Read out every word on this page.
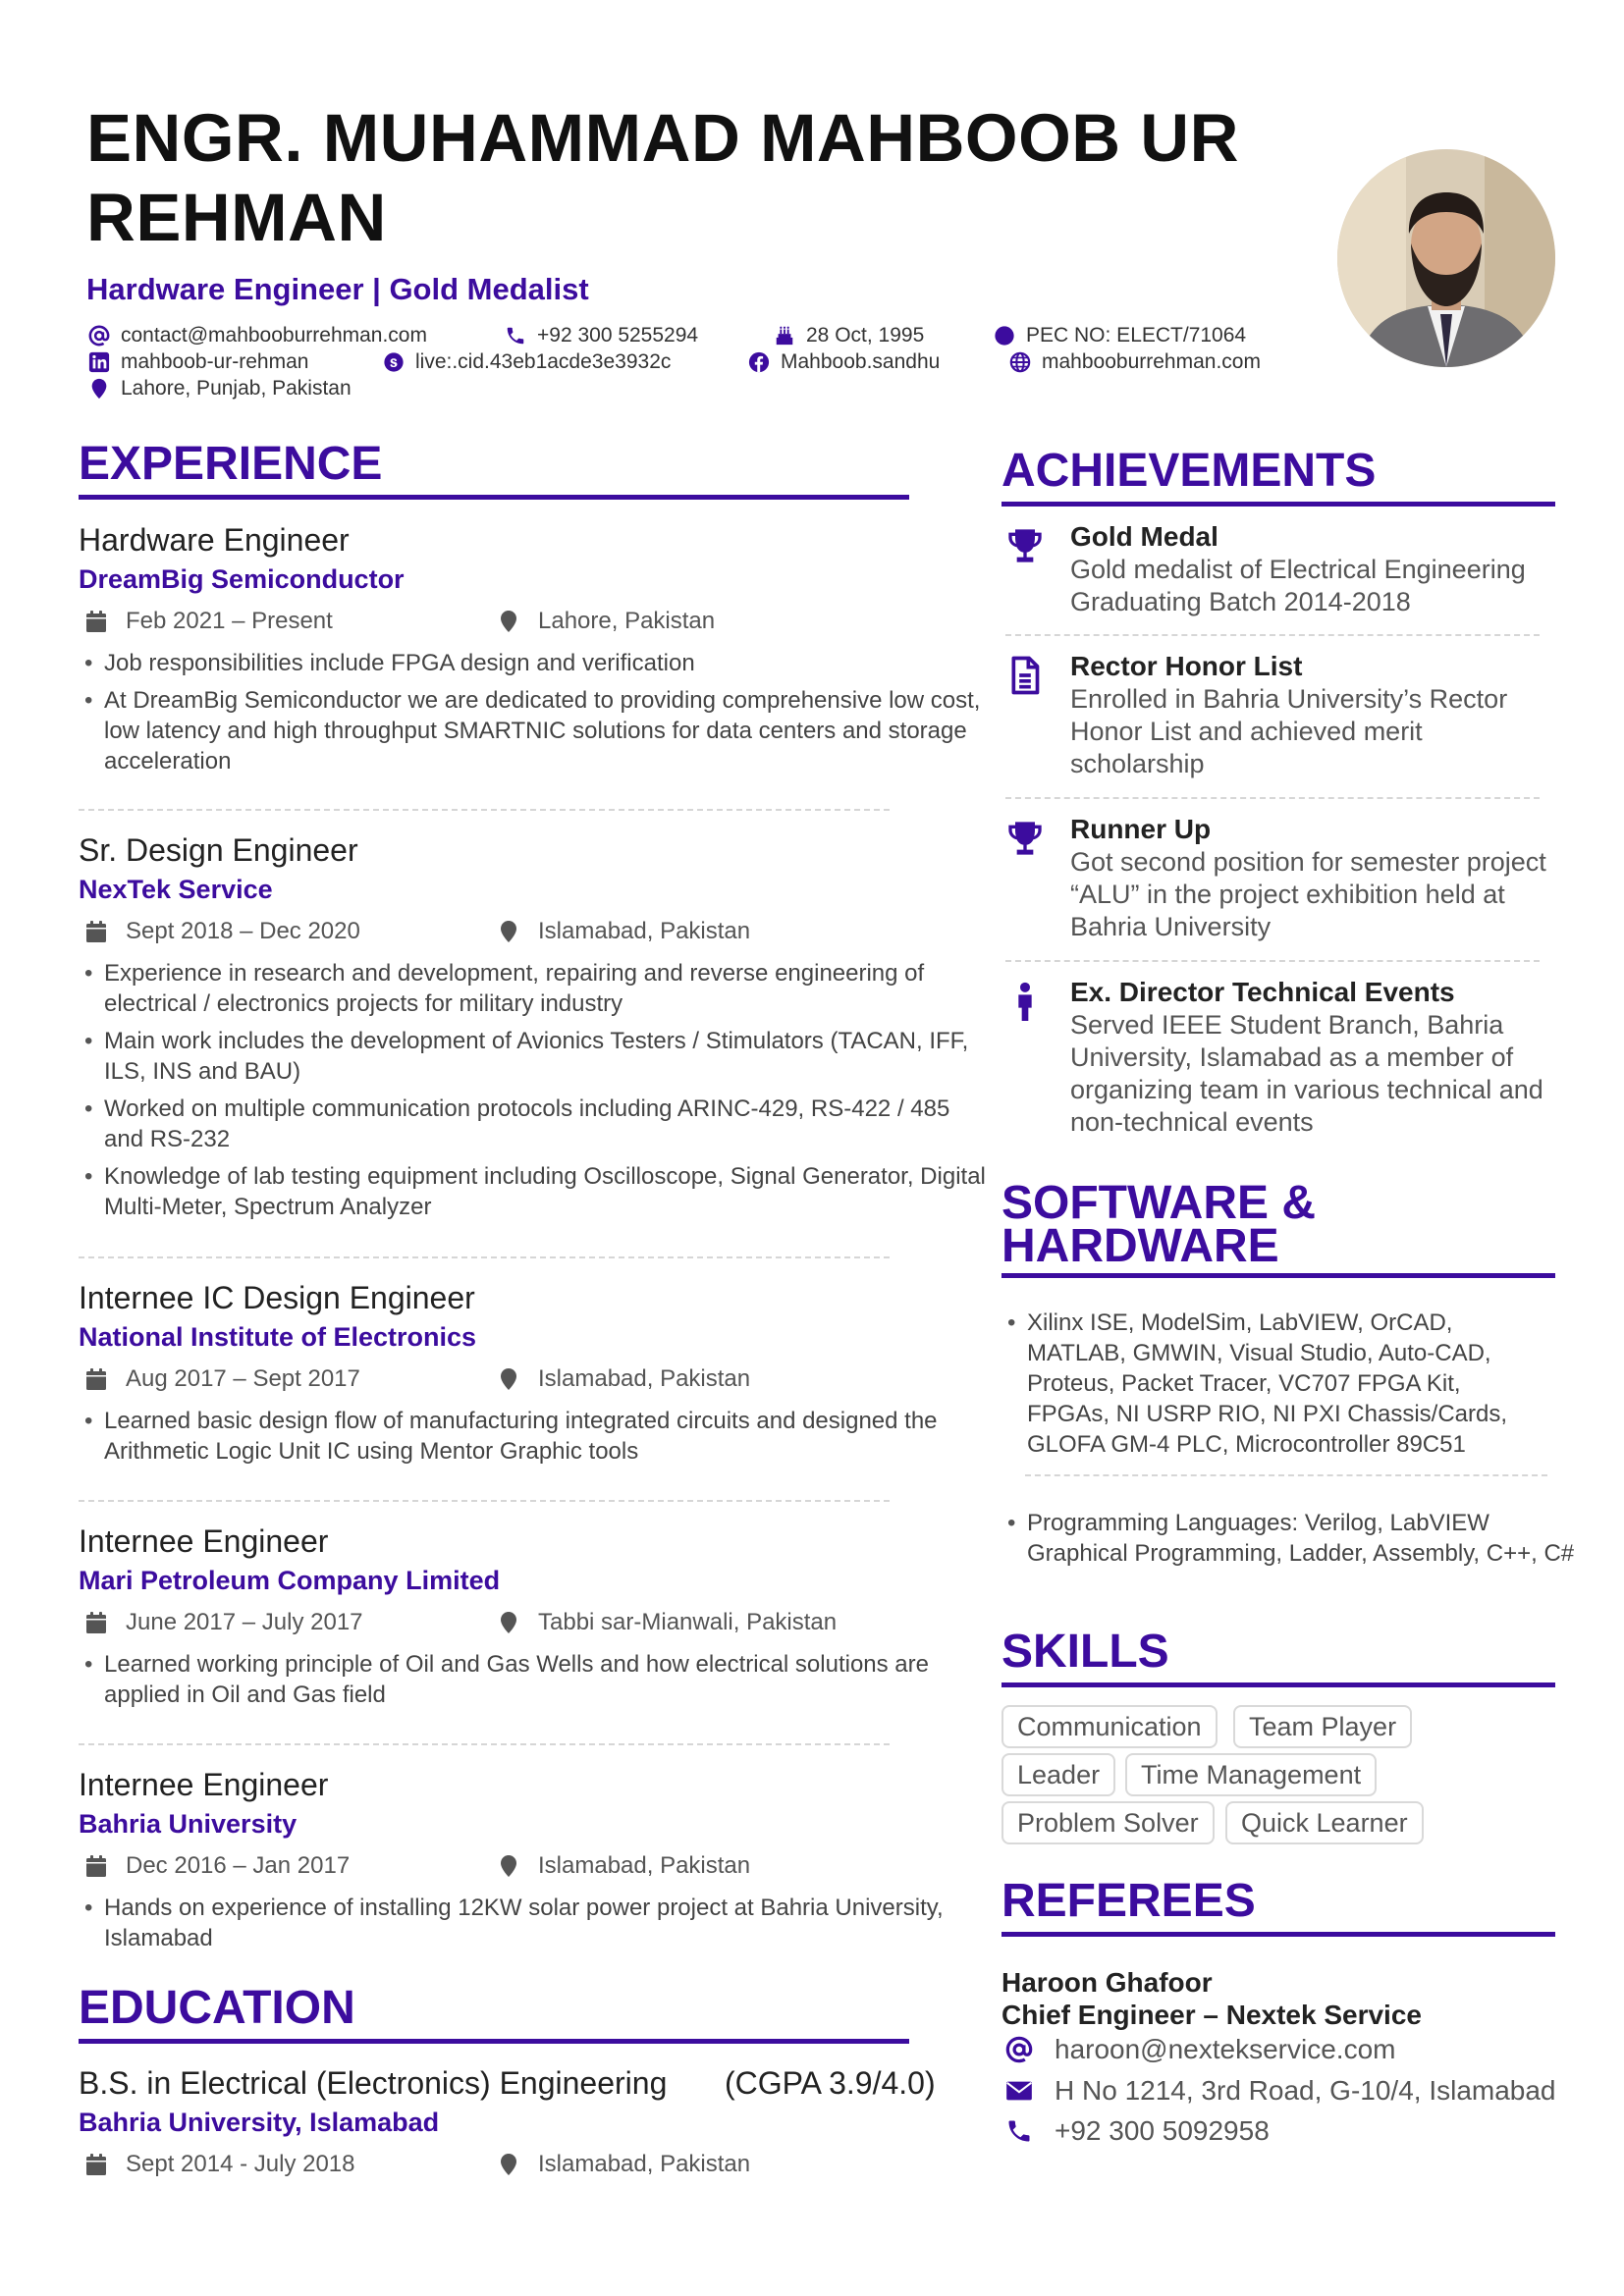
ENGR. MUHAMMAD MAHBOOB UR REHMAN
Hardware Engineer | Gold Medalist
contact@mahbooburrehman.com	+92 300 5255294	28 Oct, 1995	PEC NO: ELECT/71064
mahboob-ur-rehman	live:.cid.43eb1acde3e3932c	Mahboob.sandhu	mahbooburrehman.com
Lahore, Punjab, Pakistan
EXPERIENCE
Hardware Engineer
DreamBig Semiconductor
Feb 2021 – Present	Lahore, Pakistan
• Job responsibilities include FPGA design and verification
• At DreamBig Semiconductor we are dedicated to providing comprehensive low cost, low latency and high throughput SMARTNIC solutions for data centers and storage acceleration
Sr. Design Engineer
NexTek Service
Sept 2018 – Dec 2020	Islamabad, Pakistan
• Experience in research and development, repairing and reverse engineering of electrical / electronics projects for military industry
• Main work includes the development of Avionics Testers / Stimulators (TACAN, IFF, ILS, INS and BAU)
• Worked on multiple communication protocols including ARINC-429, RS-422 / 485 and RS-232
• Knowledge of lab testing equipment including Oscilloscope, Signal Generator, Digital Multi-Meter, Spectrum Analyzer
Internee IC Design Engineer
National Institute of Electronics
Aug 2017 – Sept 2017	Islamabad, Pakistan
• Learned basic design flow of manufacturing integrated circuits and designed the Arithmetic Logic Unit IC using Mentor Graphic tools
Internee Engineer
Mari Petroleum Company Limited
June 2017 – July 2017	Tabbi sar-Mianwali, Pakistan
• Learned working principle of Oil and Gas Wells and how electrical solutions are applied in Oil and Gas field
Internee Engineer
Bahria University
Dec 2016 – Jan 2017	Islamabad, Pakistan
• Hands on experience of installing 12KW solar power project at Bahria University, Islamabad
EDUCATION
B.S. in Electrical (Electronics) Engineering (CGPA 3.9/4.0)
Bahria University, Islamabad
Sept 2014 - July 2018	Islamabad, Pakistan
ACHIEVEMENTS
Gold Medal
Gold medalist of Electrical Engineering Graduating Batch 2014-2018
Rector Honor List
Enrolled in Bahria University’s Rector Honor List and achieved merit scholarship
Runner Up
Got second position for semester project “ALU” in the project exhibition held at Bahria University
Ex. Director Technical Events
Served IEEE Student Branch, Bahria University, Islamabad as a member of organizing team in various technical and non-technical events
SOFTWARE & HARDWARE
• Xilinx ISE, ModelSim, LabVIEW, OrCAD, MATLAB, GMWIN, Visual Studio, Auto-CAD, Proteus, Packet Tracer, VC707 FPGA Kit, FPGAs, NI USRP RIO, NI PXI Chassis/Cards, GLOFA GM-4 PLC, Microcontroller 89C51
• Programming Languages: Verilog, LabVIEW Graphical Programming, Ladder, Assembly, C++, C#
SKILLS
Communication	Team Player
Leader	Time Management
Problem Solver	Quick Learner
REFEREES
Haroon Ghafoor
Chief Engineer – Nextek Service
haroon@nextekservice.com
H No 1214, 3rd Road, G-10/4, Islamabad
+92 300 5092958
